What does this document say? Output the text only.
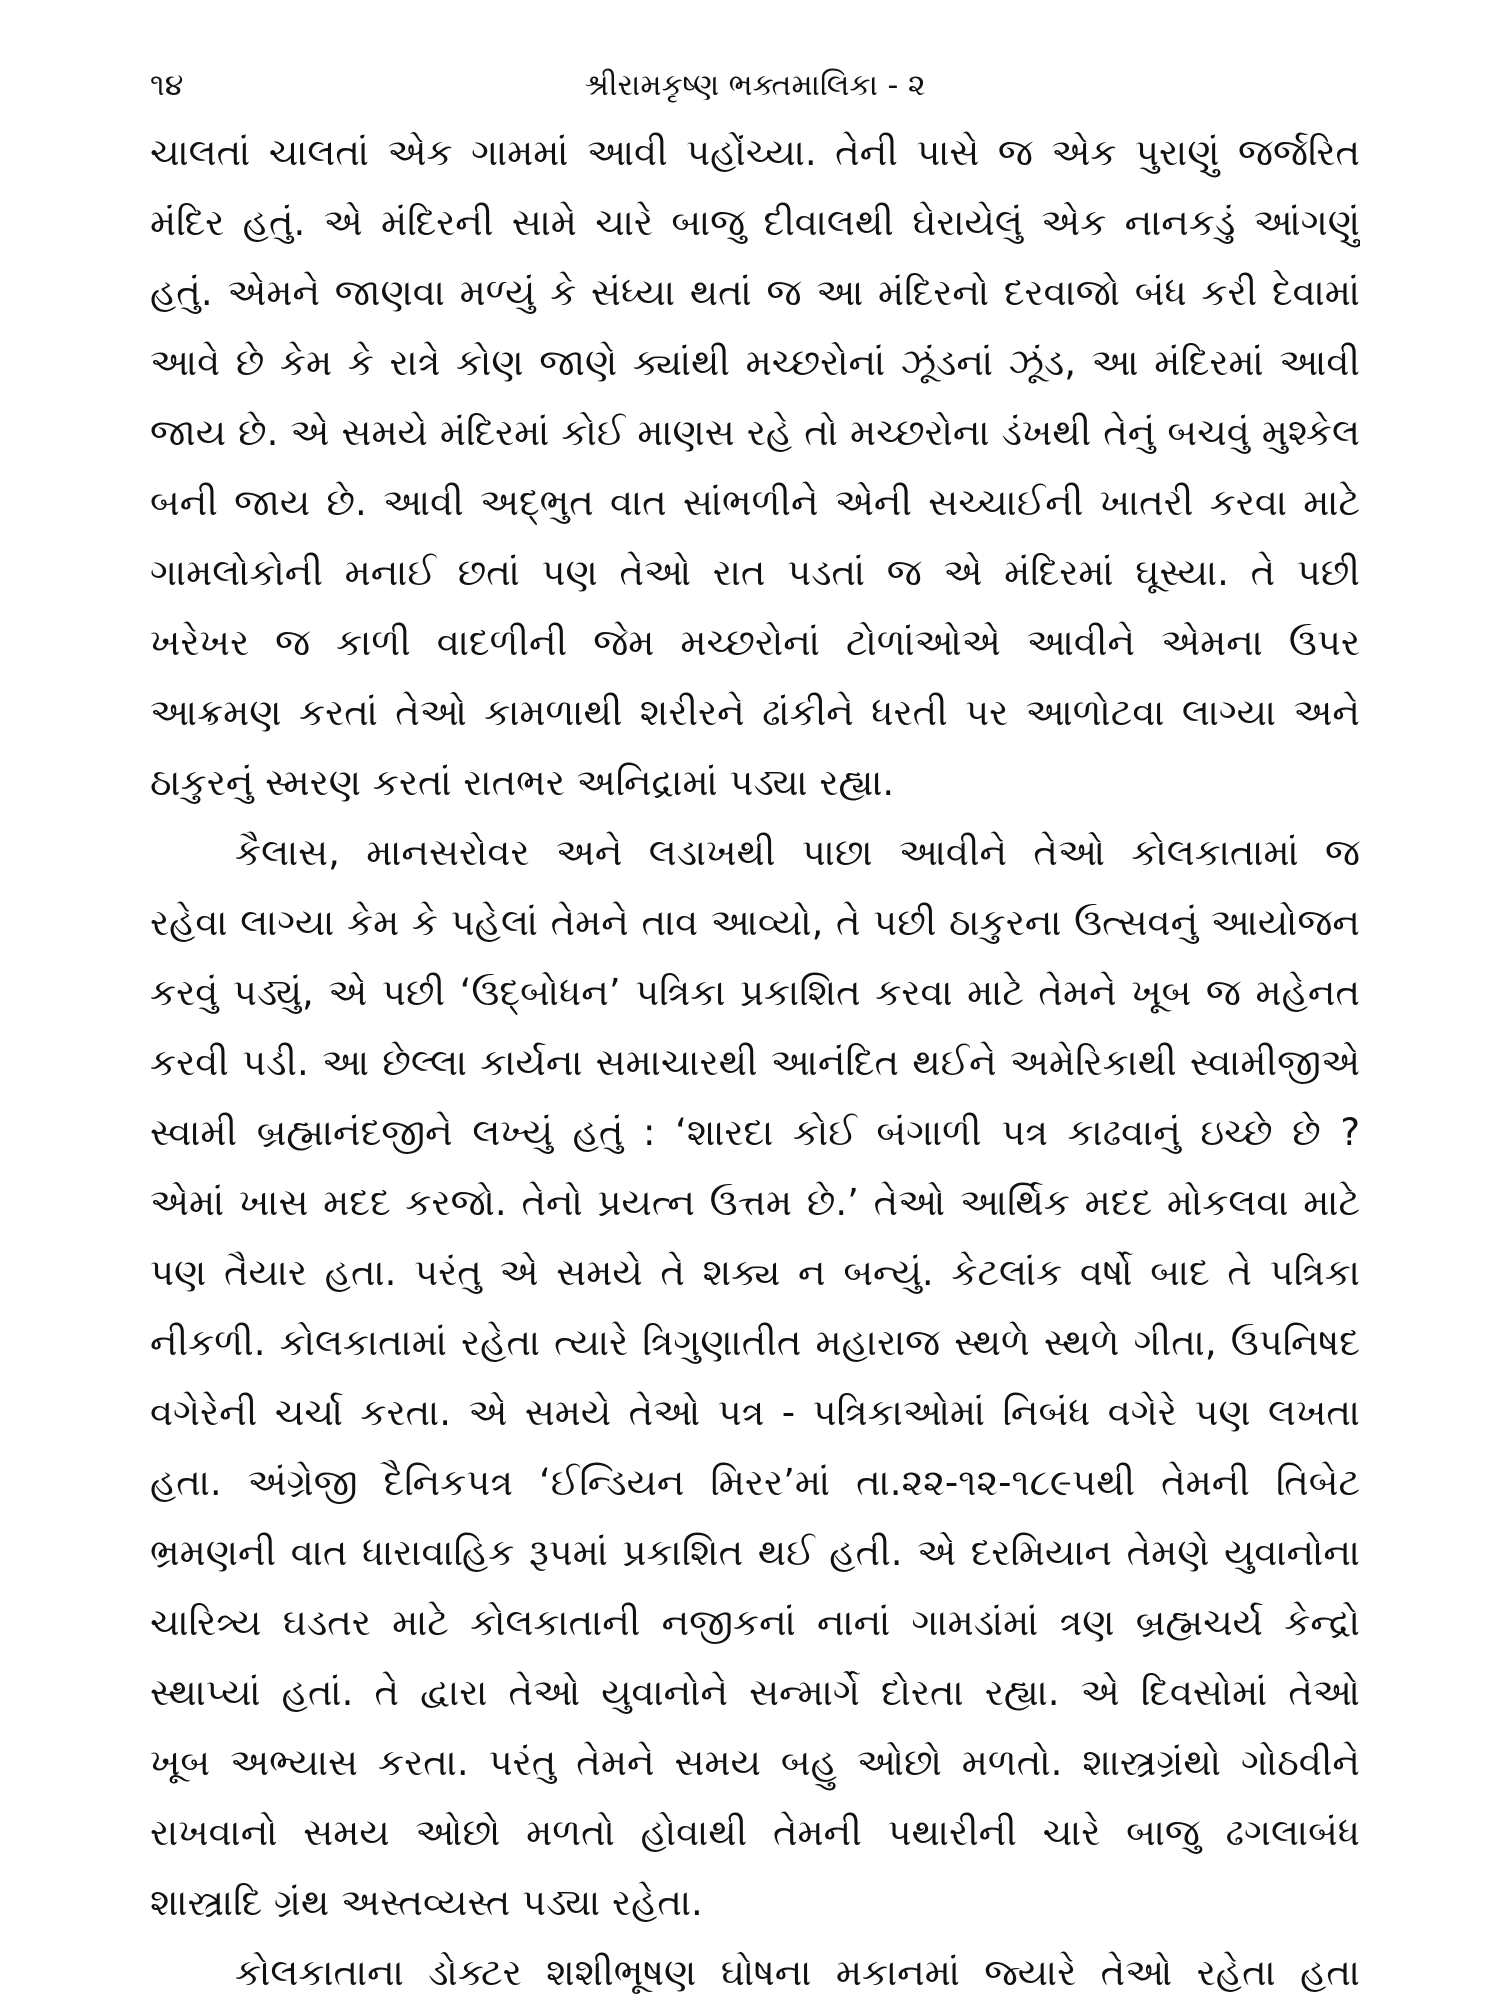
૧૪	શ્રીરામકૃષ્ણ ભક્તમાલિકા - ૨

ચાલતાં ચાલતાં એક ગામમાં આવી પહોંચ્યા. તેની પાસે જ એક પુરાણું જર્જરિત
મંદિર હતું. એ મંદિરની સામે ચારે બાજુ દીવાલથી ઘેરાયેલું એક નાનકડું આંગણું
હતું. એમને જાણવા મળ્યું કે સંધ્યા થતાં જ આ મંદિરનો દરવાજો બંધ કરી દેવામાં
આવે છે કેમ કે રાત્રે કોણ જાણે ક્યાંથી મચ્છરોનાં ઝૂંડનાં ઝૂંડ, આ મંદિરમાં આવી
જાય છે. એ સમયે મંદિરમાં કોઈ માણસ રહે તો મચ્છરોના ડંખથી તેનું બચવું મુશ્કેલ
બની જાય છે. આવી અદ્‌ભુત વાત સાંભળીને એની સચ્ચાઈની ખાતરી કરવા માટે
ગામલોકોની મનાઈ છતાં પણ તેઓ રાત પડતાં જ એ મંદિરમાં ઘૂસ્યા. તે પછી
ખરેખર જ કાળી વાદળીની જેમ મચ્છરોનાં ટોળાંઓએ આવીને એમના ઉપર
આક્રમણ કરતાં તેઓ કામળાથી શરીરને ઢાંકીને ધરતી પર આળોટવા લાગ્યા અને
ઠાકુરનું સ્મરણ કરતાં રાતભર અનિદ્રામાં પડ્યા રહ્યા.

કૈલાસ, માનસરોવર અને લડાખથી પાછા આવીને તેઓ કોલકાતામાં જ
રહેવા લાગ્યા કેમ કે પહેલાં તેમને તાવ આવ્યો, તે પછી ઠાકુરના ઉત્સવનું આયોજન
કરવું પડ્યું, એ પછી ‘ઉદ્‌બોધન’ પત્રિકા પ્રકાશિત કરવા માટે તેમને ખૂબ જ મહેનત
કરવી પડી. આ છેલ્લા કાર્યના સમાચારથી આનંદિત થઈને અમેરિકાથી સ્વામીજીએ
સ્વામી બ્રહ્માનંદજીને લખ્યું હતું : ‘શારદા કોઈ બંગાળી પત્ર કાઢવાનું ઇચ્છે છે ?
એમાં ખાસ મદદ કરજો. તેનો પ્રયત્ન ઉત્તમ છે.’ તેઓ આર્થિક મદદ મોકલવા માટે
પણ તૈયાર હતા. પરંતુ એ સમયે તે શક્ય ન બન્યું. કેટલાંક વર્ષો બાદ તે પત્રિકા
નીકળી. કોલકાતામાં રહેતા ત્યારે ત્રિગુણાતીત મહારાજ સ્થળે સ્થળે ગીતા, ઉપનિષદ
વગેરેની ચર્ચા કરતા. એ સમયે તેઓ પત્ર - પત્રિકાઓમાં નિબંધ વગેરે પણ લખતા
હતા. અંગ્રેજી દૈનિકપત્ર ‘ઈન્ડિયન મિરર’માં તા.૨૨-૧૨-૧૮૯૫થી તેમની તિબેટ
ભ્રમણની વાત ધારાવાહિક રૂપમાં પ્રકાશિત થઈ હતી. એ દરમિયાન તેમણે યુવાનોના
ચારિત્ર્ય ઘડતર માટે કોલકાતાની નજીકનાં નાનાં ગામડાંમાં ત્રણ બ્રહ્મચર્ય કેન્દ્રો
સ્થાપ્યાં હતાં. તે દ્વારા તેઓ યુવાનોને સન્માર્ગે દોરતા રહ્યા. એ દિવસોમાં તેઓ
ખૂબ અભ્યાસ કરતા. પરંતુ તેમને સમય બહુ ઓછો મળતો. શાસ્ત્રગ્રંથો ગોઠવીને
રાખવાનો સમય ઓછો મળતો હોવાથી તેમની પથારીની ચારે બાજુ ઢગલાબંધ
શાસ્ત્રાદિ ગ્રંથ અસ્તવ્યસ્ત પડ્યા રહેતા.

કોલકાતાના ડોક્ટર શશીભૂષણ ઘોષના મકાનમાં જ્યારે તેઓ રહેતા હતા
